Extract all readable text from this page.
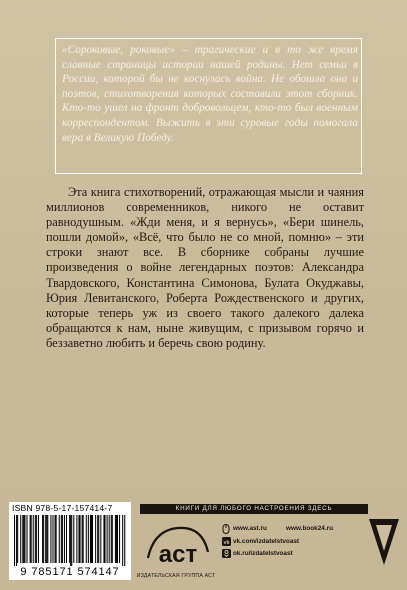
«Сороковые, роковые» – трагические и в то же время славные страницы истории нашей родины. Нет семьи в России, которой бы не коснулась война. Не обошла она и поэтов, стихотворения которых составили этот сборник. Кто-то ушел на фронт добровольцем, кто-то был военным корреспондентом. Выжить в эти суровые годы помогала вера в Великую Победу.
Эта книга стихотворений, отражающая мысли и чаяния миллионов современников, никого не оставит равнодушным. «Жди меня, и я вернусь», «Бери шинель, пошли домой», «Всё, что было не со мной, помню» – эти строки знают все. В сборнике собраны лучшие произведения о войне легендарных поэтов: Александра Твардовского, Константина Симонова, Булата Окуджавы, Юрия Левитанского, Роберта Рождественского и других, которые теперь уж из своего такого далекого далека обращаются к нам, ныне живущим, с призывом горячо и беззаветно любить и беречь свою родину.
ISBN 978-5-17-157414-7
9 785171 574147
КНИГИ ДЛЯ ЛЮБОГО НАСТРОЕНИЯ ЗДЕСЬ
аст
ИЗДАТЕЛЬСКАЯ ГРУППА АСТ
www.ast.ru	www.book24.ru
vk vk.com/izdatelstvoast
ok.ru/izdatelstvoast
